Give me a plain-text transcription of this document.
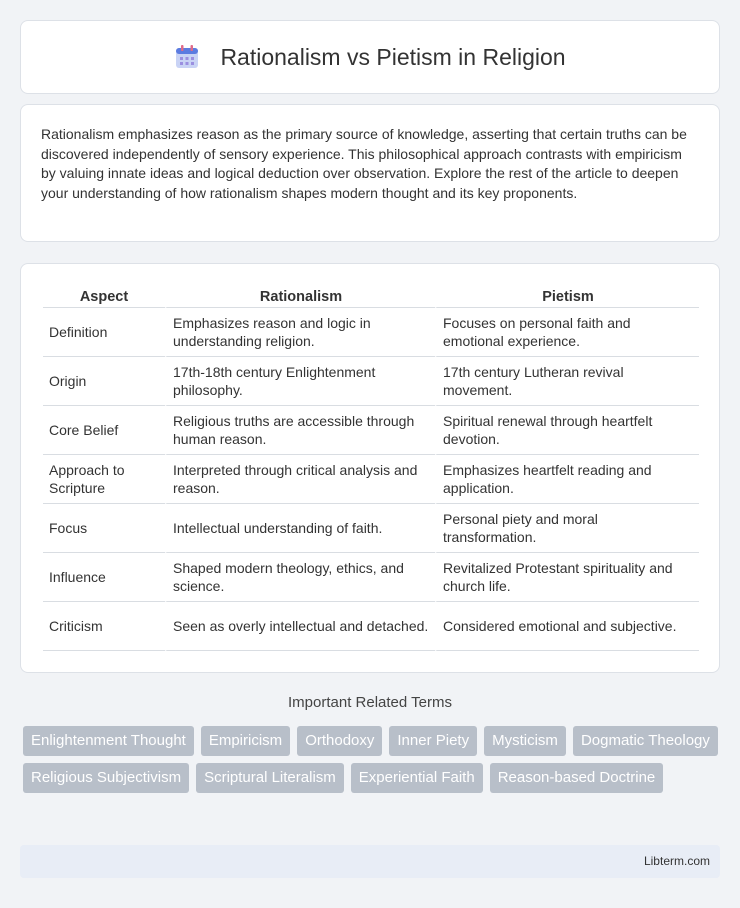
Rationalism vs Pietism in Religion

Rationalism emphasizes reason as the primary source of knowledge, asserting that certain truths can be discovered independently of sensory experience. This philosophical approach contrasts with empiricism by valuing innate ideas and logical deduction over observation. Explore the rest of the article to deepen your understanding of how rationalism shapes modern thought and its key proponents.

Aspect	Rationalism	Pietism
Definition	Emphasizes reason and logic in understanding religion.	Focuses on personal faith and emotional experience.
Origin	17th-18th century Enlightenment philosophy.	17th century Lutheran revival movement.
Core Belief	Religious truths are accessible through human reason.	Spiritual renewal through heartfelt devotion.
Approach to Scripture	Interpreted through critical analysis and reason.	Emphasizes heartfelt reading and application.
Focus	Intellectual understanding of faith.	Personal piety and moral transformation.
Influence	Shaped modern theology, ethics, and science.	Revitalized Protestant spirituality and church life.
Criticism	Seen as overly intellectual and detached.	Considered emotional and subjective.
Important Related Terms
Enlightenment Thought	Empiricism	Orthodoxy	Inner Piety	Mysticism	Dogmatic Theology
Religious Subjectivism	Scriptural Literalism	Experiential Faith	Reason-based Doctrine
Libterm.com
